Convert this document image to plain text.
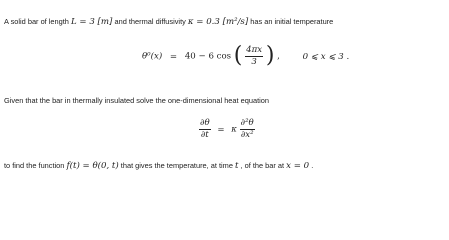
A solid bar of length L = 3 [m] and thermal diffusivity κ = 0.3 [m²/s] has an initial temperature
θ⁰(x) = 40 − 6 cos ( $\frac{4\pi x}{3}$ ) ,	0 ⩽ x ⩽ 3 .
Given that the bar in thermally insulated solve the one-dimensional heat equation
$\frac{\partial\theta}{\partial t} = \kappa \frac{\text{∂²θ}}{\text{∂x²}}$
to find the function f(t) = θ(0, t) that gives the temperature, at time t , of the bar at x = 0 .
